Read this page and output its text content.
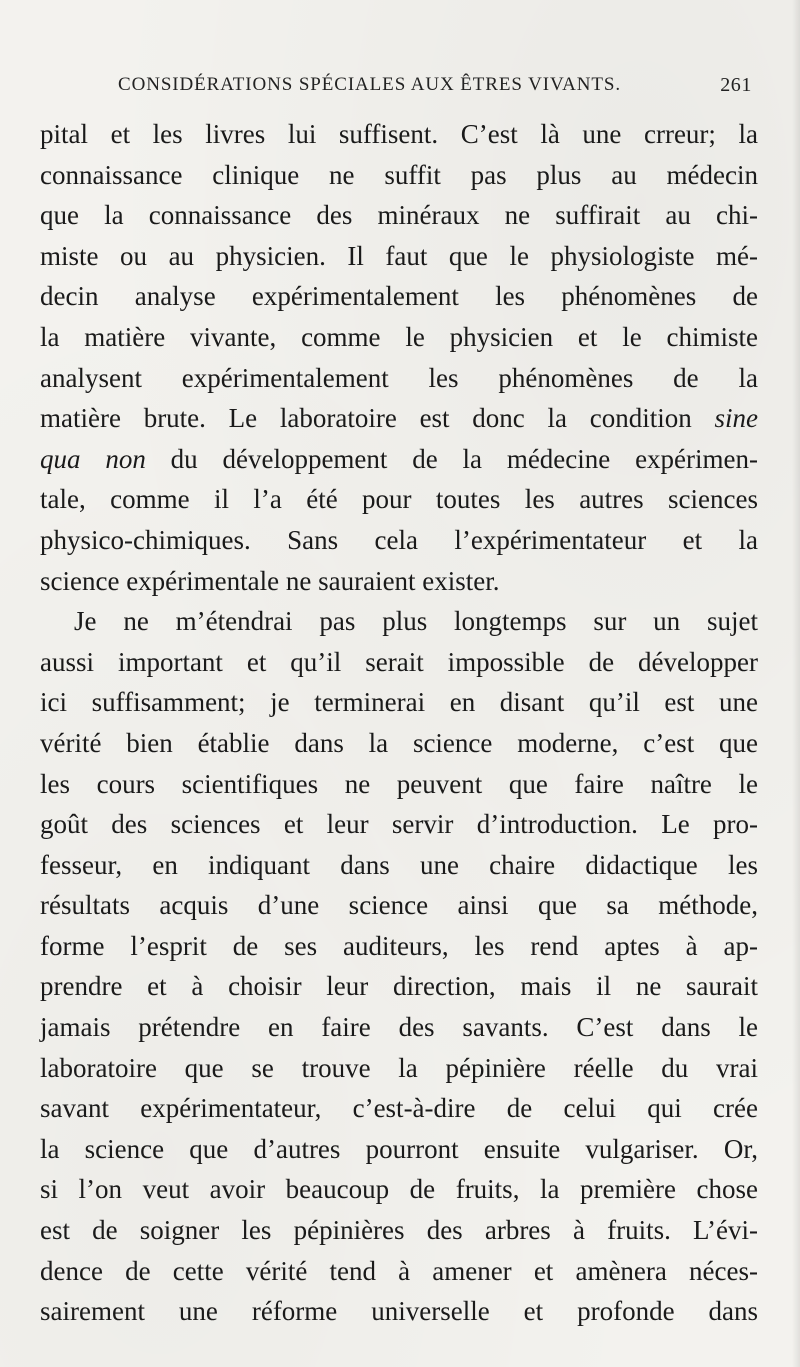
CONSIDÉRATIONS SPÉCIALES AUX ÊTRES VIVANTS.	261
pital et les livres lui suffisent. C’est là une crreur; la
connaissance clinique ne suffit pas plus au médecin
que la connaissance des minéraux ne suffirait au chi-
miste ou au physicien. Il faut que le physiologiste mé-
decin analyse expérimentalement les phénomènes de
la matière vivante, comme le physicien et le chimiste
analysent expérimentalement les phénomènes de la
matière brute. Le laboratoire est donc la condition sine
qua non du développement de la médecine expérimen-
tale, comme il l’a été pour toutes les autres sciences
physico-chimiques. Sans cela l’expérimentateur et la
science expérimentale ne sauraient exister.
Je ne m’étendrai pas plus longtemps sur un sujet
aussi important et qu’il serait impossible de développer
ici suffisamment; je terminerai en disant qu’il est une
vérité bien établie dans la science moderne, c’est que
les cours scientifiques ne peuvent que faire naître le
goût des sciences et leur servir d’introduction. Le pro-
fesseur, en indiquant dans une chaire didactique les
résultats acquis d’une science ainsi que sa méthode,
forme l’esprit de ses auditeurs, les rend aptes à ap-
prendre et à choisir leur direction, mais il ne saurait
jamais prétendre en faire des savants. C’est dans le
laboratoire que se trouve la pépinière réelle du vrai
savant expérimentateur, c’est-à-dire de celui qui crée
la science que d’autres pourront ensuite vulgariser. Or,
si l’on veut avoir beaucoup de fruits, la première chose
est de soigner les pépinières des arbres à fruits. L’évi-
dence de cette vérité tend à amener et amènera néces-
sairement une réforme universelle et profonde dans
